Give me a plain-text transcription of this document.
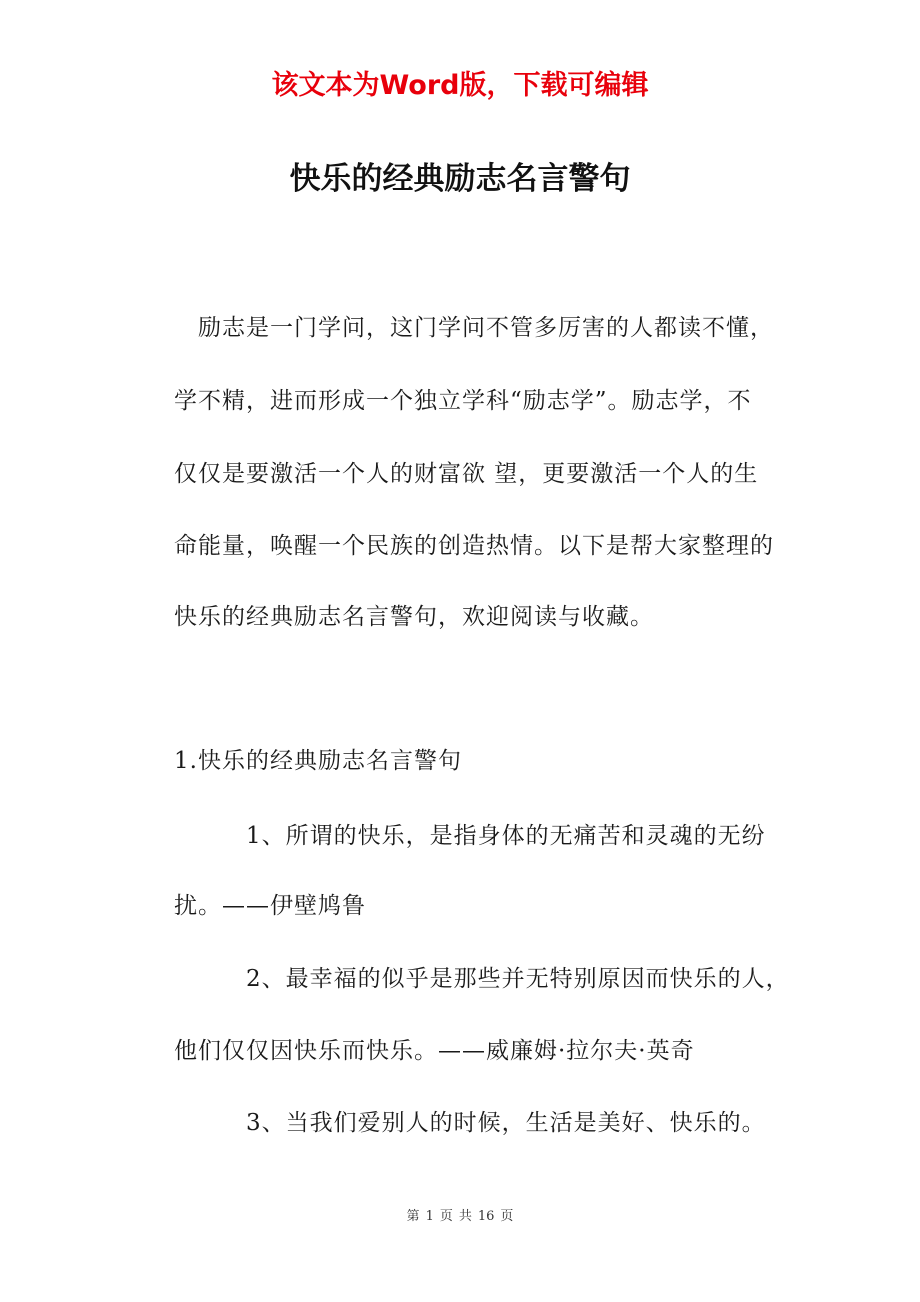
该文本为Word版，下载可编辑
快乐的经典励志名言警句
励志是一门学问，这门学问不管多厉害的人都读不懂，
学不精，进而形成一个独立学科“励志学”。励志学，不
仅仅是要激活一个人的财富欲 望，更要激活一个人的生
命能量，唤醒一个民族的创造热情。以下是帮大家整理的
快乐的经典励志名言警句，欢迎阅读与收藏。
1.快乐的经典励志名言警句
1、所谓的快乐，是指身体的无痛苦和灵魂的无纷
扰。——伊壁鸠鲁
2、最幸福的似乎是那些并无特别原因而快乐的人，
他们仅仅因快乐而快乐。——威廉姆·拉尔夫·英奇
3、当我们爱别人的时候，生活是美好、快乐的。
第 1 页 共 16 页
